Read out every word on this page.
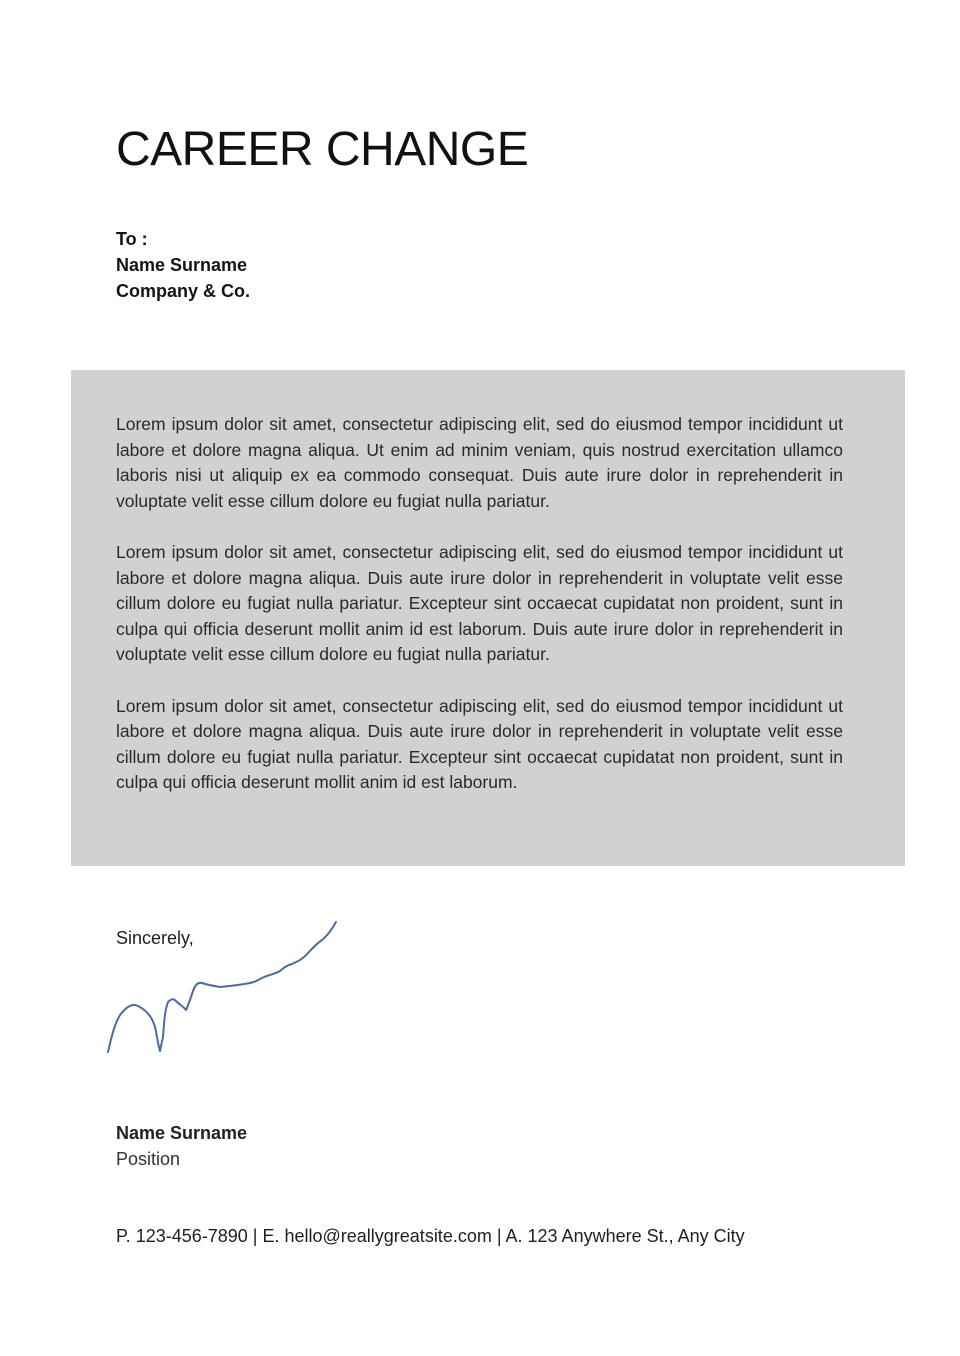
CAREER CHANGE
To :
Name Surname
Company & Co.

Lorem ipsum dolor sit amet, consectetur adipiscing elit, sed do eiusmod tempor incididunt ut labore et dolore magna aliqua. Ut enim ad minim veniam, quis nostrud exercitation ullamco laboris nisi ut aliquip ex ea commodo consequat. Duis aute irure dolor in reprehenderit in voluptate velit esse cillum dolore eu fugiat nulla pariatur.

Lorem ipsum dolor sit amet, consectetur adipiscing elit, sed do eiusmod tempor incididunt ut labore et dolore magna aliqua. Duis aute irure dolor in reprehenderit in voluptate velit esse cillum dolore eu fugiat nulla pariatur. Excepteur sint occaecat cupidatat non proident, sunt in culpa qui officia deserunt mollit anim id est laborum. Duis aute irure dolor in reprehenderit in voluptate velit esse cillum dolore eu fugiat nulla pariatur.

Lorem ipsum dolor sit amet, consectetur adipiscing elit, sed do eiusmod tempor incididunt ut labore et dolore magna aliqua. Duis aute irure dolor in reprehenderit in voluptate velit esse cillum dolore eu fugiat nulla pariatur. Excepteur sint occaecat cupidatat non proident, sunt in culpa qui officia deserunt mollit anim id est laborum.

Sincerely,
Name Surname
Position
P. 123-456-7890 | E. hello@reallygreatsite.com | A. 123 Anywhere St., Any City
